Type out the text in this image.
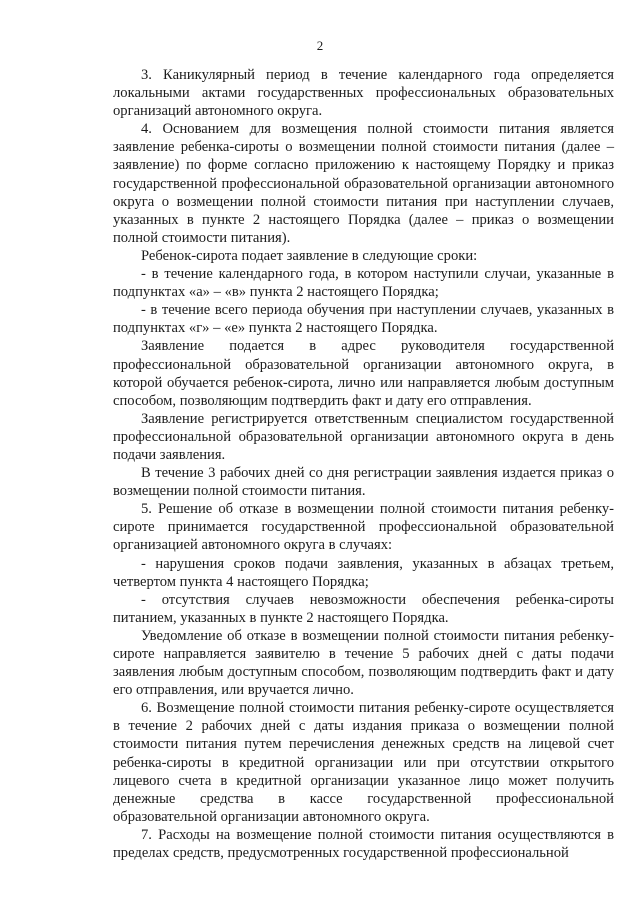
2

3. Каникулярный период в течение календарного года определяется локальными актами государственных профессиональных образовательных организаций автономного округа.

4. Основанием для возмещения полной стоимости питания является заявление ребенка-сироты о возмещении полной стоимости питания (далее – заявление) по форме согласно приложению к настоящему Порядку и приказ государственной профессиональной образовательной организации автономного округа о возмещении полной стоимости питания при наступлении случаев, указанных в пункте 2 настоящего Порядка (далее – приказ о возмещении полной стоимости питания).

Ребенок-сирота подает заявление в следующие сроки:

- в течение календарного года, в котором наступили случаи, указанные в подпунктах «а» – «в» пункта 2 настоящего Порядка;

- в течение всего периода обучения при наступлении случаев, указанных в подпунктах «г» – «е» пункта 2 настоящего Порядка.

Заявление подается в адрес руководителя государственной профессиональной образовательной организации автономного округа, в которой обучается ребенок-сирота, лично или направляется любым доступным способом, позволяющим подтвердить факт и дату его отправления.

Заявление регистрируется ответственным специалистом государственной профессиональной образовательной организации автономного округа в день подачи заявления.

В течение 3 рабочих дней со дня регистрации заявления издается приказ о возмещении полной стоимости питания.

5. Решение об отказе в возмещении полной стоимости питания ребенку-сироте принимается государственной профессиональной образовательной организацией автономного округа в случаях:

- нарушения сроков подачи заявления, указанных в абзацах третьем, четвертом пункта 4 настоящего Порядка;

- отсутствия случаев невозможности обеспечения ребенка-сироты питанием, указанных в пункте 2 настоящего Порядка.

Уведомление об отказе в возмещении полной стоимости питания ребенку-сироте направляется заявителю в течение 5 рабочих дней с даты подачи заявления любым доступным способом, позволяющим подтвердить факт и дату его отправления, или вручается лично.

6. Возмещение полной стоимости питания ребенку-сироте осуществляется в течение 2 рабочих дней с даты издания приказа о возмещении полной стоимости питания путем перечисления денежных средств на лицевой счет ребенка-сироты в кредитной организации или при отсутствии открытого лицевого счета в кредитной организации указанное лицо может получить денежные средства в кассе государственной профессиональной образовательной организации автономного округа.

7. Расходы на возмещение полной стоимости питания осуществляются в пределах средств, предусмотренных государственной профессиональной
